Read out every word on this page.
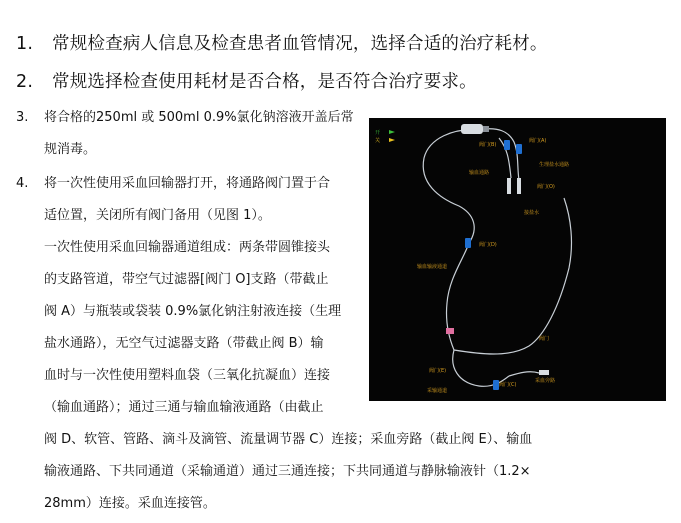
1. 常规检查病人信息及检查患者血管情况，选择合适的治疗耗材。
2. 常规选择检查使用耗材是否合格，是否符合治疗要求。
3. 将合格的250ml 或 500ml 0.9%氯化钠溶液开盖后常
规消毒。
4. 将一次性使用采血回输器打开，将通路阀门置于合
适位置，关闭所有阀门备用（见图 1）。
一次性使用采血回输器通道组成：两条带圆锥接头
的支路管道，带空气过滤器[阀门 O]支路（带截止
阀 A）与瓶装或袋装 0.9%氯化钠注射液连接（生理
盐水通路），无空气过滤器支路（带截止阀 B）输
血时与一次性使用塑料血袋（三氧化抗凝血）连接
（输血通路）；通过三通与输血输液通路（由截止
阀 D、软管、管路、滴斗及滴管、流量调节器 C）连接；采血旁路（截止阀 E）、输血
输液通路、下共同通道（采输通道）通过三通连接；下共同通道与静脉输液针（1.2×
28mm）连接。采血连接管。
开
关
阀门(B)
阀门(A)
生理盐水通路
输血通路
阀门(O)
接盐水
阀门(D)
输血输液通道
阀门
阀门(E)
采血旁路
阀门(C)
采输通道
